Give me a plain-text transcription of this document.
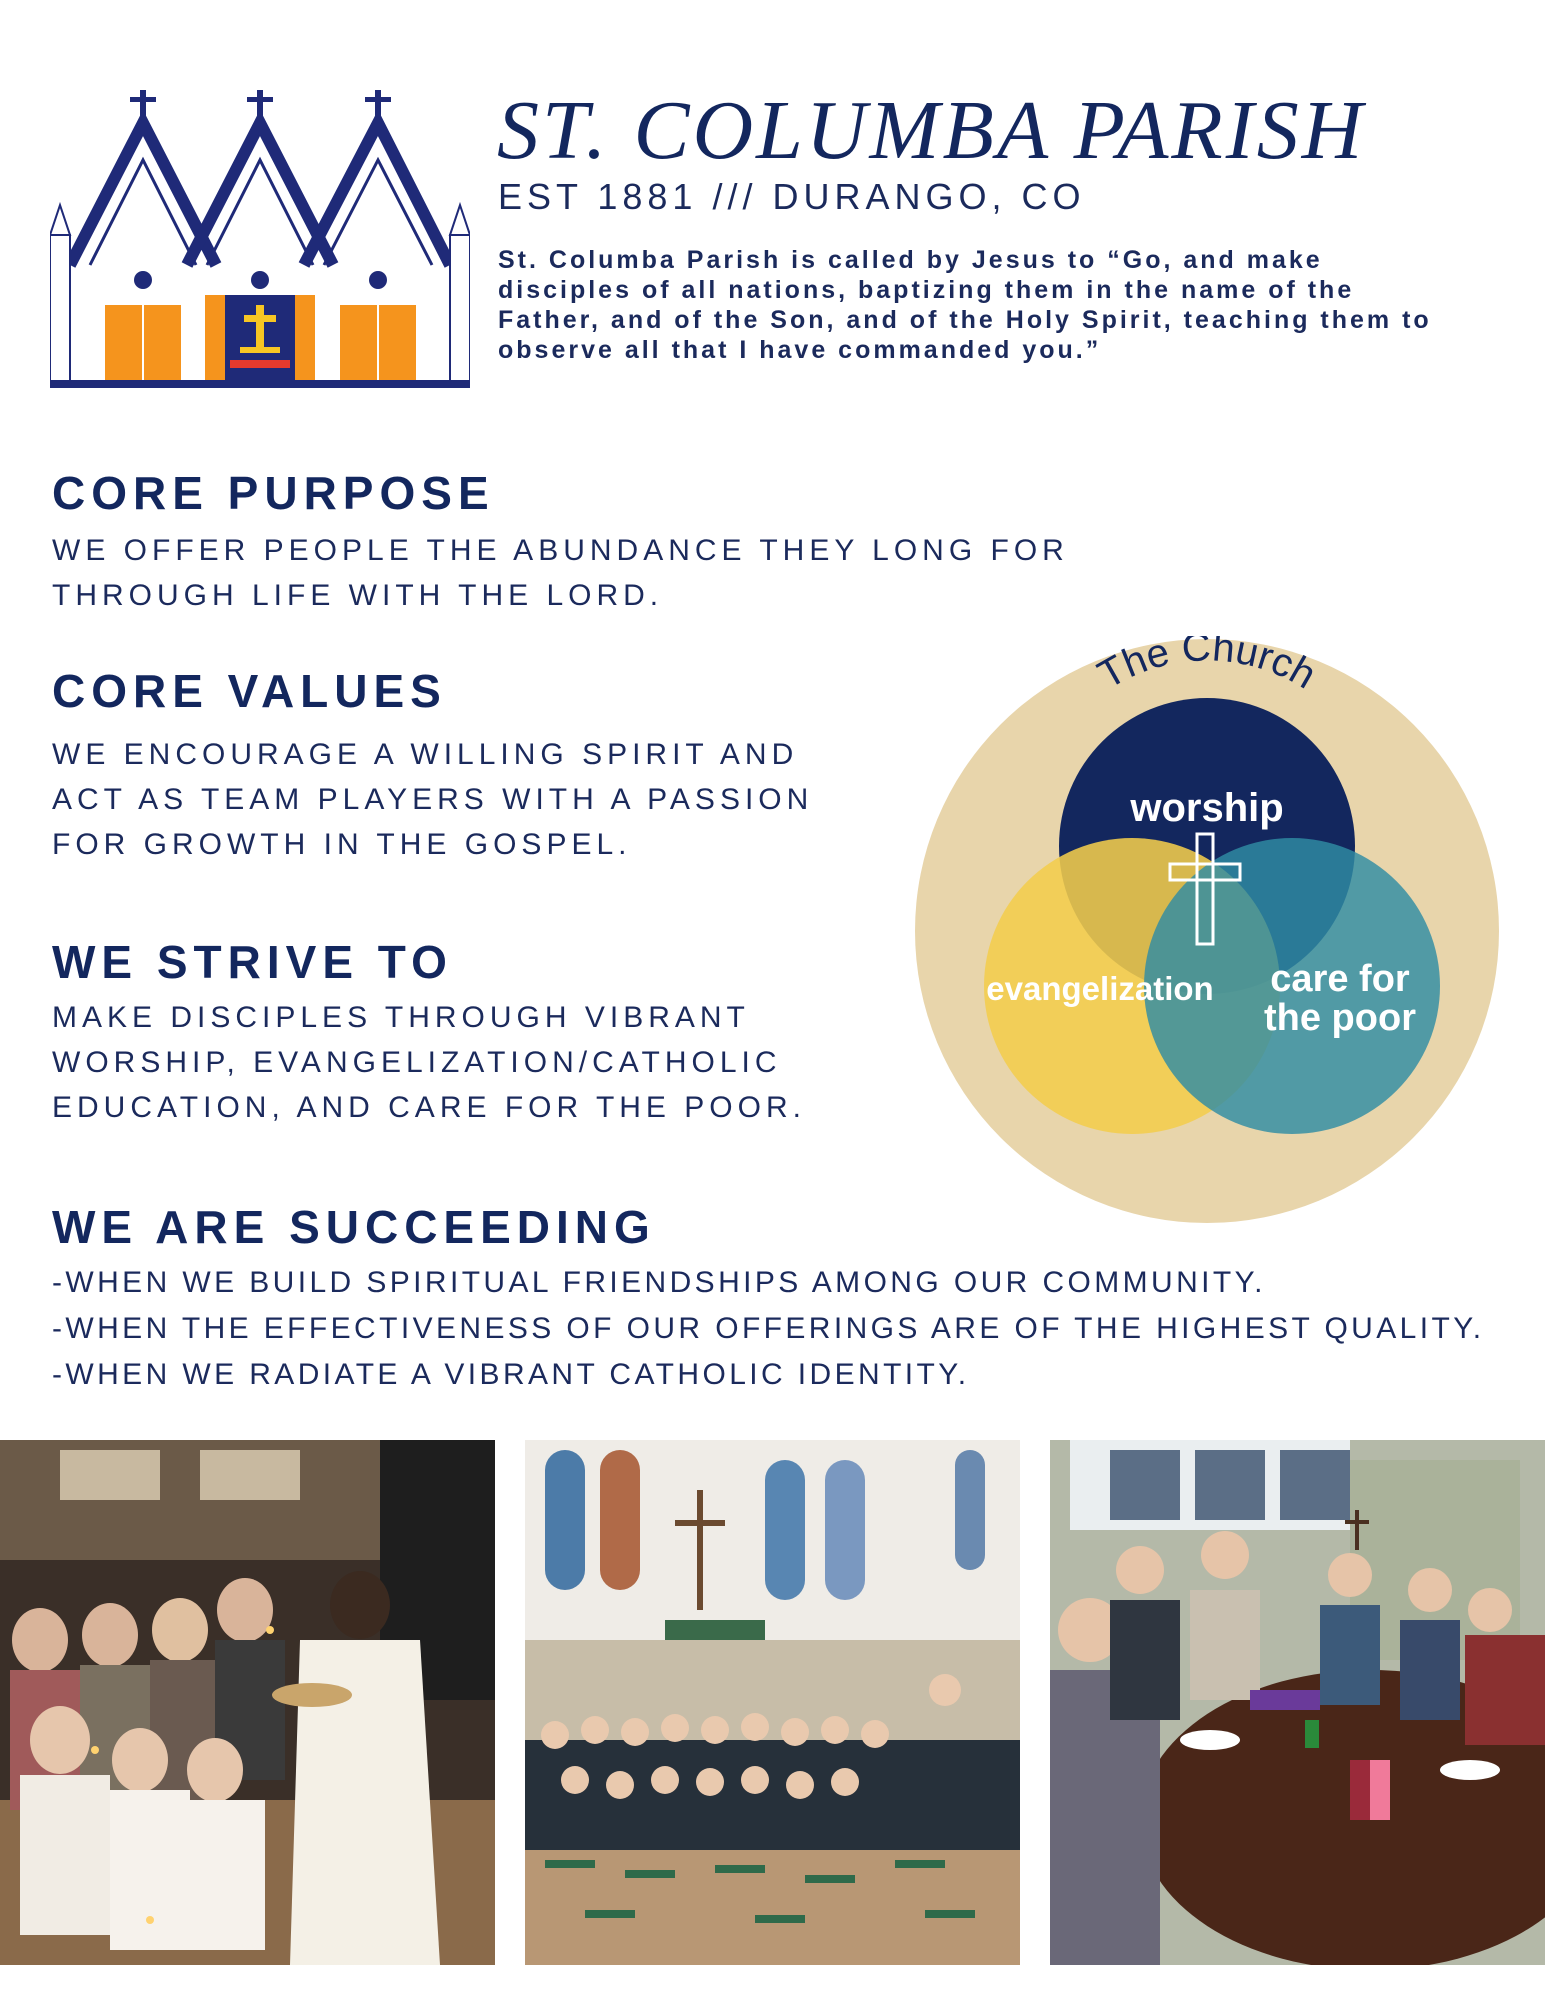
ST. COLUMBA PARISH
EST 1881 /// DURANGO, CO

St. Columba Parish is called by Jesus to “Go, and make disciples of all nations, baptizing them in the name of the Father, and of the Son, and of the Holy Spirit, teaching them to observe all that I have commanded you.”

CORE PURPOSE

WE OFFER PEOPLE THE ABUNDANCE THEY LONG FOR THROUGH LIFE WITH THE LORD.

CORE VALUES

WE ENCOURAGE A WILLING SPIRIT AND ACT AS TEAM PLAYERS WITH A PASSION FOR GROWTH IN THE GOSPEL.

WE STRIVE TO

MAKE DISCIPLES THROUGH VIBRANT WORSHIP, EVANGELIZATION/CATHOLIC EDUCATION, AND CARE FOR THE POOR.

WE ARE SUCCEEDING
-WHEN WE BUILD SPIRITUAL FRIENDSHIPS AMONG OUR COMMUNITY.
-WHEN THE EFFECTIVENESS OF OUR OFFERINGS ARE OF THE HIGHEST QUALITY.
-WHEN WE RADIATE A VIBRANT CATHOLIC IDENTITY.
The Church
worship
evangelization care for
the poor
